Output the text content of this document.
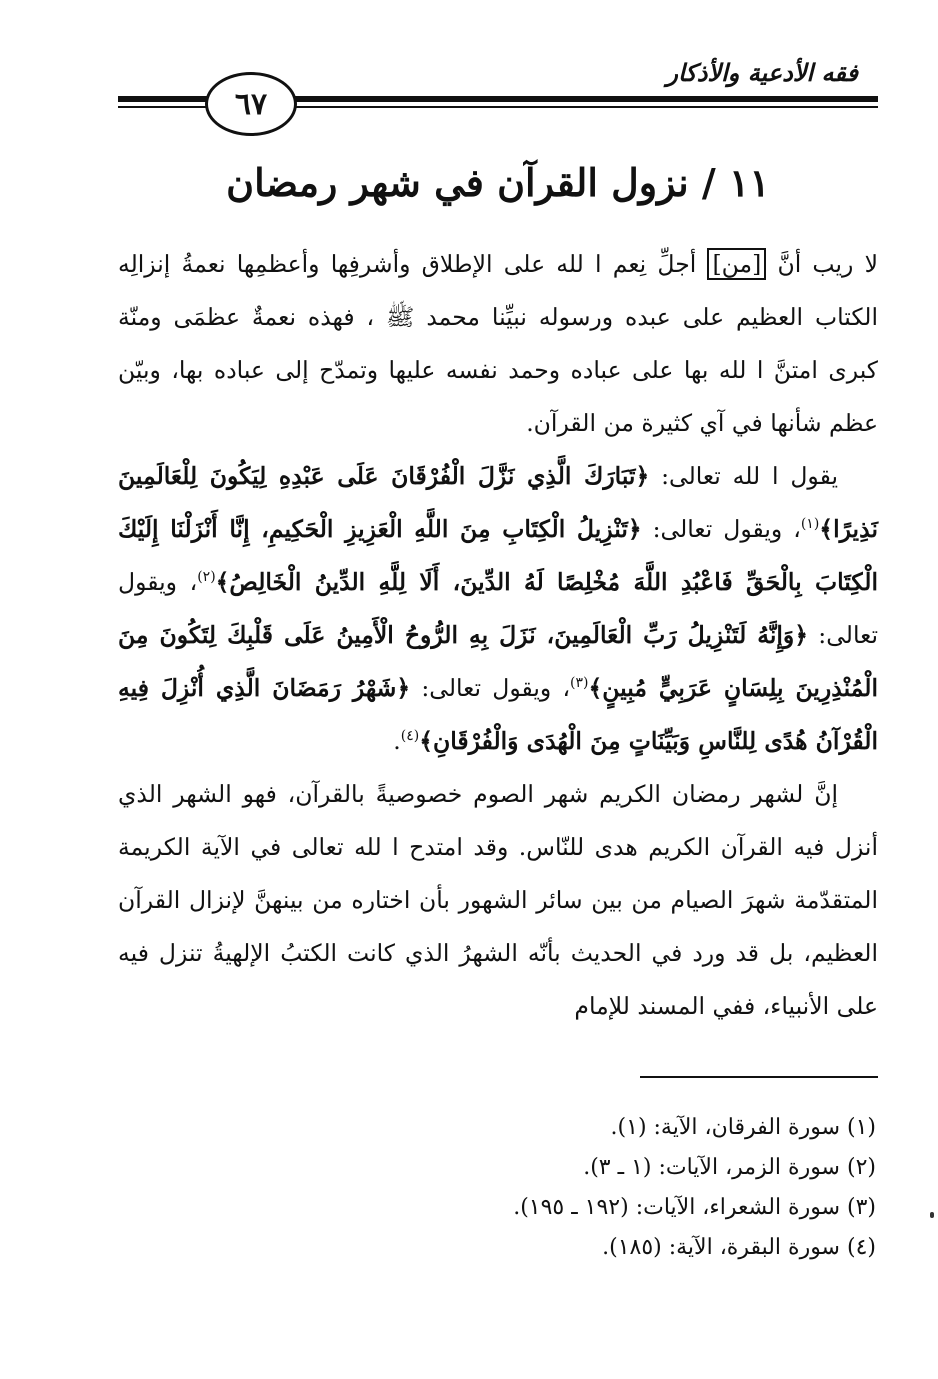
فقه الأدعية والأذكار
٦٧
١١ / نزول القرآن في شهر رمضان

لا ريب أنَّ [من] أجلِّ نِعم ا لله على الإطلاق وأشرفِها وأعظمِها نعمةُ إنزالِه الكتاب العظيم على عبده ورسوله نبيِّنا محمد ﷺ ، فهذه نعمةٌ عظمَى ومنّة كبرى امتنَّ ا لله بها على عباده وحمد نفسه عليها وتمدّح إلى عباده بها، وبيّن عظم شأنها في آي كثيرة من القرآن.

يقول ا لله تعالى: ﴿تَبَارَكَ الَّذِي نَزَّلَ الْفُرْقَانَ عَلَى عَبْدِهِ لِيَكُونَ لِلْعَالَمِينَ نَذِيرًا﴾$^{(١)}$، ويقول تعالى: ﴿تَنْزِيلُ الْكِتَابِ مِنَ اللَّهِ الْعَزِيزِ الْحَكِيمِ، إِنَّا أَنْزَلْنَا إِلَيْكَ الْكِتَابَ بِالْحَقِّ فَاعْبُدِ اللَّهَ مُخْلِصًا لَهُ الدِّينَ، أَلَا لِلَّهِ الدِّينُ الْخَالِصُ﴾$^{(٢)}$، ويقول تعالى: ﴿وَإِنَّهُ لَتَنْزِيلُ رَبِّ الْعَالَمِينَ، نَزَلَ بِهِ الرُّوحُ الْأَمِينُ عَلَى قَلْبِكَ لِتَكُونَ مِنَ الْمُنْذِرِينَ بِلِسَانٍ عَرَبِيٍّ مُبِينٍ﴾$^{(٣)}$، ويقول تعالى: ﴿شَهْرُ رَمَضَانَ الَّذِي أُنْزِلَ فِيهِ الْقُرْآنُ هُدًى لِلنَّاسِ وَبَيِّنَاتٍ مِنَ الْهُدَى وَالْفُرْقَانِ﴾$^{(٤)}$.

إنَّ لشهر رمضان الكريم شهر الصوم خصوصيةً بالقرآن، فهو الشهر الذي أنزل فيه القرآن الكريم هدى للنّاس. وقد امتدح ا لله تعالى في الآية الكريمة المتقدّمة شهرَ الصيام من بين سائر الشهور بأن اختاره من بينهنَّ لإنزال القرآن العظيم، بل قد ورد في الحديث بأنّه الشهرُ الذي كانت الكتبُ الإلهيةُ تنزل فيه على الأنبياء، ففي المسند للإمام

(١) سورة الفرقان، الآية: (١).
(٢) سورة الزمر، الآيات: (١ ـ ٣).
(٣) سورة الشعراء، الآيات: (١٩٢ ـ ١٩٥).
(٤) سورة البقرة، الآية: (١٨٥).
